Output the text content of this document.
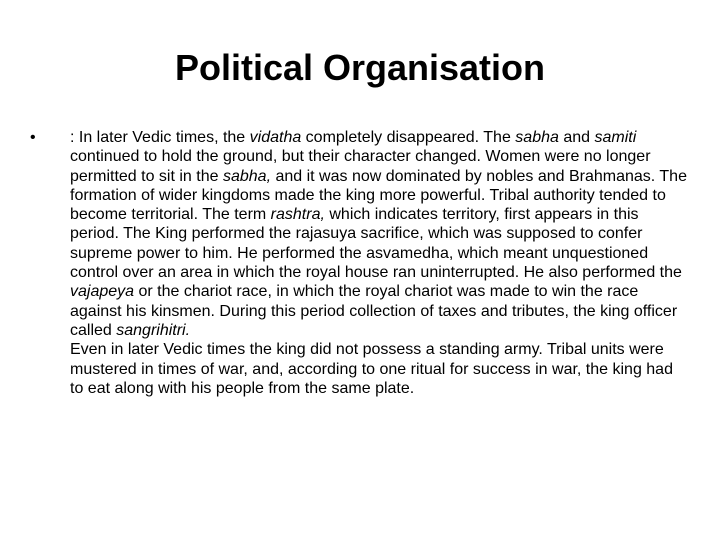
Political Organisation
•	: In later Vedic times, the vidatha completely disappeared. The sabha and samiti continued to hold the ground, but their character changed. Women were no longer permitted to sit in the sabha, and it was now dominated by nobles and Brahmanas. The formation of wider kingdoms made the king more powerful. Tribal authority tended to become territorial. The term rashtra, which indicates territory, first appears in this period. The King performed the rajasuya sacrifice, which was supposed to confer supreme power to him. He performed the asvamedha, which meant unquestioned control over an area in which the royal house ran uninterrupted. He also performed the vajapeya or the chariot race, in which the royal chariot was made to win the race against his kinsmen. During this period collection of taxes and tributes, the king officer called sangrihitri.

Even in later Vedic times the king did not possess a standing army. Tribal units were mustered in times of war, and, according to one ritual for success in war, the king had to eat along with his people from the same plate.
